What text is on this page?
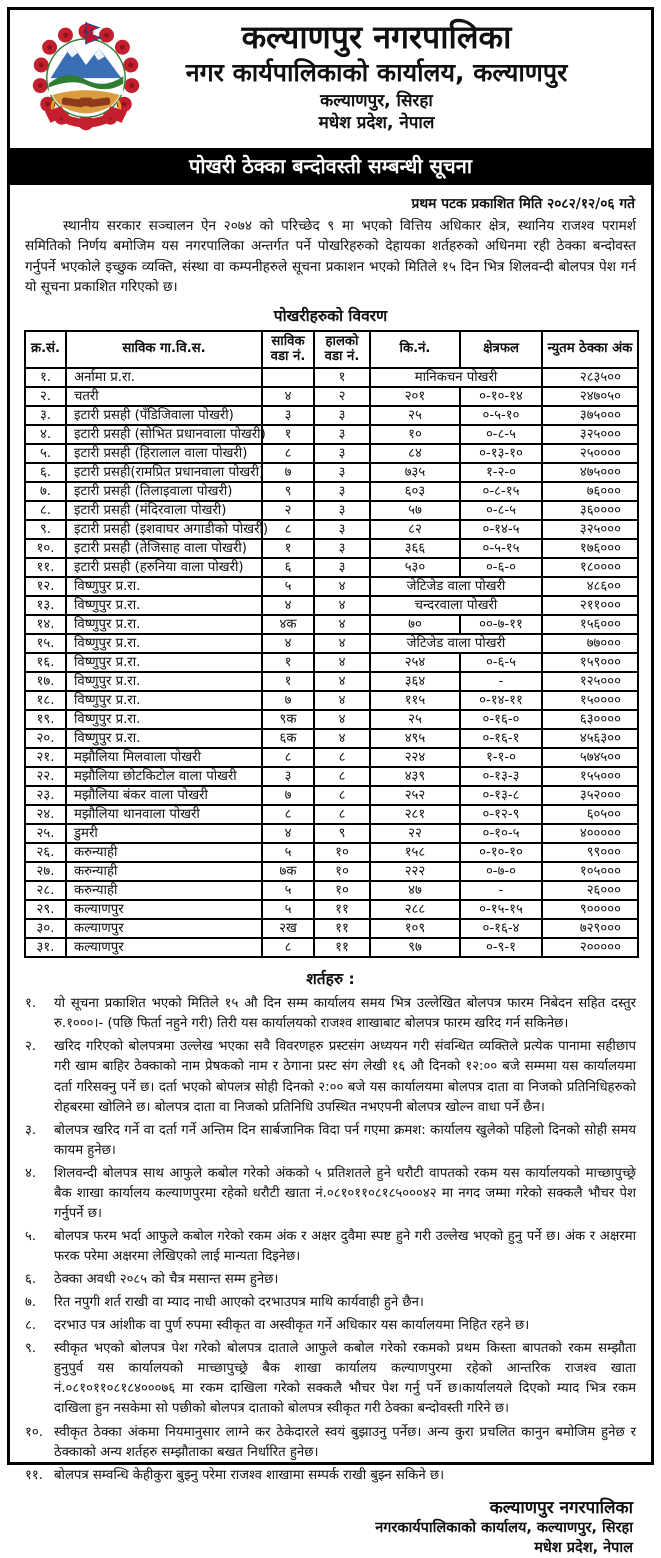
कल्याणपुर नगरपालिका
नगर कार्यपालिकाको कार्यालय, कल्याणपुर
कल्याणपुर, सिरहा
मधेश प्रदेश, नेपाल
पोखरी ठेक्का बन्दोवस्ती सम्बन्धी सूचना
प्रथम पटक प्रकाशित मिति २०८२/१२/०६ गते

स्थानीय सरकार सञ्चालन ऐन २०७४ को परिच्छेद ९ मा भएको वित्तिय अधिकार क्षेत्र, स्थानिय राजश्व परामर्श समितिको निर्णय बमोजिम यस नगरपालिका अन्तर्गत पर्ने पोखरिहरुको देहायका शर्तहरुको अधिनमा रही ठेक्का बन्दोवस्त गर्नुपर्ने भएकोले इच्छुक व्यक्ति, संस्था वा कम्पनीहरुले सूचना प्रकाशन भएको मितिले १५ दिन भित्र शिलवन्दी बोलपत्र पेश गर्न यो सूचना प्रकाशित गरिएको छ।

पोखरीहरुको विवरण
क्र.सं.	साविक गा.वि.स.	साविक वडा नं.	हालको वडा नं.	कि.नं.	क्षेत्रफल	न्युतम ठेक्का अंक
१.	अर्नामा प्र.रा.		१	मानिकचन पोखरी		२८३५००
२.	चतरी	४	२	२०१	०-१०-१४	२४७०५०
३.	इटारी प्रसही (पँडिजिवाला पोखरी)	३	३	२५	०-५-१०	३७५०००
४.	इटारी प्रसही (सोभित प्रधानवाला पोखरी)	१	३	१०	०-८-५	३२५०००
५.	इटारी प्रसही (हिरालाल वाला पोखरी)	८	३	८४	०-१३-१०	२५००००
६.	इटारी प्रसही(रामप्रित प्रधानवाला पोखरी)	७	३	७३५	१-२-०	४७५०००
७.	इटारी प्रसही (तिलाइवाला पोखरी)	९	३	६०३	०-८-१५	७६०००
८.	इटारी प्रसही (मंदिरवाला पोखरी)	२	३	५७	०-८-५	३६००००
९.	इटारी प्रसही (इशवाघर अगाडीको पोखरी)	८	३	८२	०-१४-५	३२५०००
१०.	इटारी प्रसही (तेजिसाह वाला पोखरी)	१	३	३६६	०-५-१५	१७६०००
११.	इटारी प्रसही (हरुनिया वाला पोखरी)	६	३	५३०	०-६-०	१८००००
१२.	विष्णुपुर प्र.रा.	५	४	जेटिजेड वाला पोखरी		४८६००
१३.	विष्णुपुर प्र.रा.	४	४	चन्दरवाला पोखरी		२११०००
१४.	विष्णुपुर प्र.रा.	४क	४	७०	००-७-११	१५६०००
१५.	विष्णुपुर प्र.रा.	४	४	जेटिजेड वाला पोखरी		७७०००
१६.	विष्णुपुर प्र.रा.	१	४	२५४	०-६-५	१५९०००
१७.	विष्णुपुर प्र.रा.	१	४	३६४	-	१२५०००
१८.	विष्णुपुर प्र.रा.	७	४	११५	०-१४-११	१५००००
१९.	विष्णुपुर प्र.रा.	९क	४	२५	०-१६-०	६३००००
२०.	विष्णुपुर प्र.रा.	६क	४	४९५	०-१६-१	४५६३००
२१.	मझौलिया मिलवाला पोखरी	८	८	२२४	१-१-०	५७४५००
२२.	मझौलिया छोटकिटोल वाला पोखरी	३	८	४३९	०-१३-३	१५५०००
२३.	मझौलिया बंकर वाला पोखरी	७	८	२५२	०-१३-८	३५२०००
२४.	मझौलिया थानवाला पोखरी	८	८	२८१	०-१२-९	६०५००
२५.	डुमरी	४	९	२२	०-१०-५	४०००००
२६.	करुन्याही	५	१०	१५८	०-१०-१०	९९०००
२७.	करुन्याही	७क	१०	२२२	०-७-०	१०५०००
२८.	करुन्याही	५	१०	४७	-	२६०००
२९.	कल्याणपुर	५	११	२८८	०-१५-१५	९०००००
३०.	कल्याणपुर	२ख	११	१०९	०-१६-४	७२९०००
३१.	कल्याणपुर	८	११	९७	०-९-१	२०००००
शर्तहरु :
१.	यो सूचना प्रकाशित भएको मितिले १५ औ दिन सम्म कार्यालय समय भित्र उल्लेखित बोलपत्र फारम निबेदन सहित दस्तुर रु.१०००।- (पछि फिर्ता नहुने गरी) तिरी यस कार्यालयको राजश्व शाखाबाट बोलपत्र फारम खरिद गर्न सकिनेछ।
२.	खरिद गरिएको बोलपत्रमा उल्लेख भएका सवै विवरणहरु प्रस्टसंग अध्ययन गरी संवन्धित व्यक्तिले प्रत्येक पानामा सहीछाप गरी खाम बाहिर ठेक्काको नाम प्रेषकको नाम र ठेगाना प्रस्ट संग लेखी १६ औ दिनको १२:०० बजे सम्ममा यस कार्यालयमा दर्ता गरिसक्नु पर्ने छ। दर्ता भएको बोपलत्र सोही दिनको २:०० बजे यस कार्यालयमा बोलपत्र दाता वा निजको प्रतिनिधिहरुको रोहबरमा खोलिने छ। बोलपत्र दाता वा निजको प्रतिनिधि उपस्थित नभएपनी बोलपत्र खोल्न वाधा पर्ने छैन।
३.	बोलपत्र खरिद गर्ने वा दर्ता गर्ने अन्तिम दिन सार्बजानिक विदा पर्न गएमा क्रमश: कार्यालय खुलेको पहिलो दिनको सोही समय कायम हुनेछ।
४.	शिलवन्दी बोलपत्र साथ आफुले कबोल गरेको अंकको ५ प्रतिशतले हुने धरौटी वापतको रकम यस कार्यालयको माच्छापुच्छ्रे बैक शाखा कार्यालय कल्याणपुरमा रहेको धरौटी खाता नं.०८१०११०८१८५०००४२ मा नगद जम्मा गरेको सक्कलै भौचर पेश गर्नुपर्ने छ।
५.	बोलपत्र फरम भर्दा आफुले कबोल गरेको रकम अंक र अक्षर दुवैमा स्पष्ट हुने गरी उल्लेख भएको हुनु पर्ने छ। अंक र अक्षरमा फरक परेमा अक्षरमा लेखिएको लाई मान्यता दिइनेछ।
६.	ठेक्का अवधी २०८५ को चैत्र मसान्त सम्म हुनेछ।
७.	रित नपुगी शर्त राखी वा म्याद नाधी आएको दरभाउपत्र माथि कार्यवाही हुने छैन।
८.	दरभाउ पत्र आंशीक वा पुर्ण रुपमा स्वीकृत वा अस्वीकृत गर्ने अधिकार यस कार्यालयमा निहित रहने छ।
९.	स्वीकृत भएको बोलपत्र पेश गरेको बोलपत्र दाताले आफुले कबोल गरेको रकमको प्रथम किस्ता बापतको रकम सम्झौता हुनुपुर्व यस कार्यालयको माच्छापुच्छ्रे बैक शाखा कार्यालय कल्याणपुरमा रहेको आन्तरिक राजश्व खाता नं.०८१०११०८१८४०००७६ मा रकम दाखिला गरेको सक्कलै भौचर पेश गर्नु पर्ने छ।कार्यालयले दिएको म्याद भित्र रकम दाखिला हुन नसकेमा सो पछीको बोलपत्र दाताको बोलपत्र स्वीकृत गरी ठेक्का बन्दोवस्ती गरिने छ।
१०. स्वीकृत ठेक्का अंकमा नियमानुसार लाग्ने कर ठेकेदारले स्वयं बुझाउनु पर्नेछ। अन्य कुरा प्रचलित कानुन बमोजिम हुनेछ र ठेक्काको अन्य शर्तहरु सम्झौताका बखत निर्धारित हुनेछ।
११. बोलपत्र सम्वन्धि केहीकुरा बुझ्नु परेमा राजश्व शाखामा सम्पर्क राखी बुझ्न सकिने छ।
कल्याणपुर नगरपालिका
नगरकार्यपालिकाको कार्यालय, कल्याणपुर, सिरहा
मधेश प्रदेश, नेपाल
